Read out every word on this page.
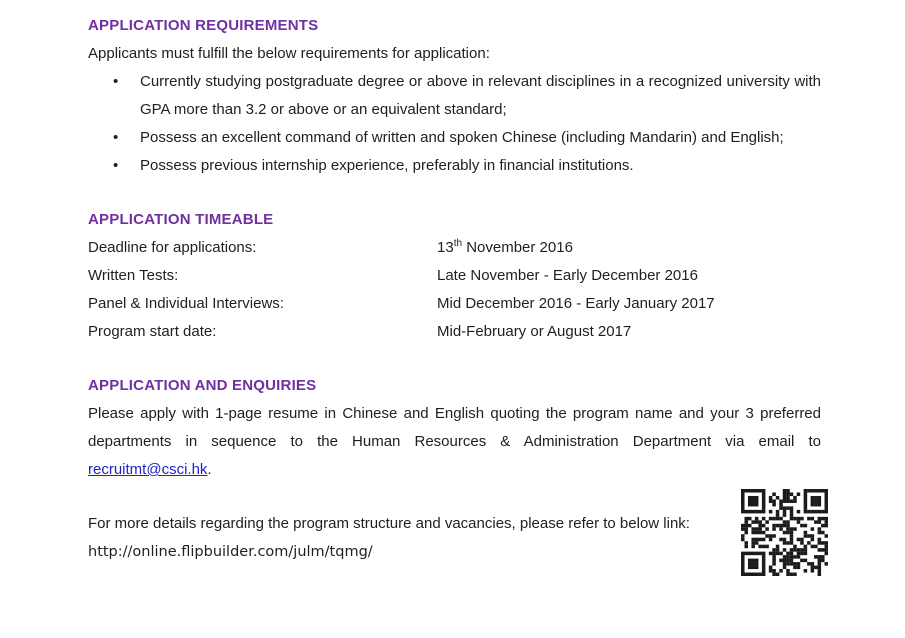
APPLICATION REQUIREMENTS

Applicants must fulfill the below requirements for application:

• Currently studying postgraduate degree or above in relevant disciplines in a recognized university with GPA more than 3.2 or above or an equivalent standard;
• Possess an excellent command of written and spoken Chinese (including Mandarin) and English;
• Possess previous internship experience, preferably in financial institutions.
APPLICATION TIMEABLE
Deadline for applications:	13th November 2016
Written Tests:	Late November - Early December 2016
Panel & Individual Interviews:	Mid December 2016 - Early January 2017
Program start date:	Mid-February or August 2017
APPLICATION AND ENQUIRIES

Please apply with 1-page resume in Chinese and English quoting the program name and your 3 preferred departments in sequence to the Human Resources & Administration Department via email to recruitmt@csci.hk.

For more details regarding the program structure and vacancies, please refer to below link:

http://online.flipbuilder.com/julm/tqmg/
